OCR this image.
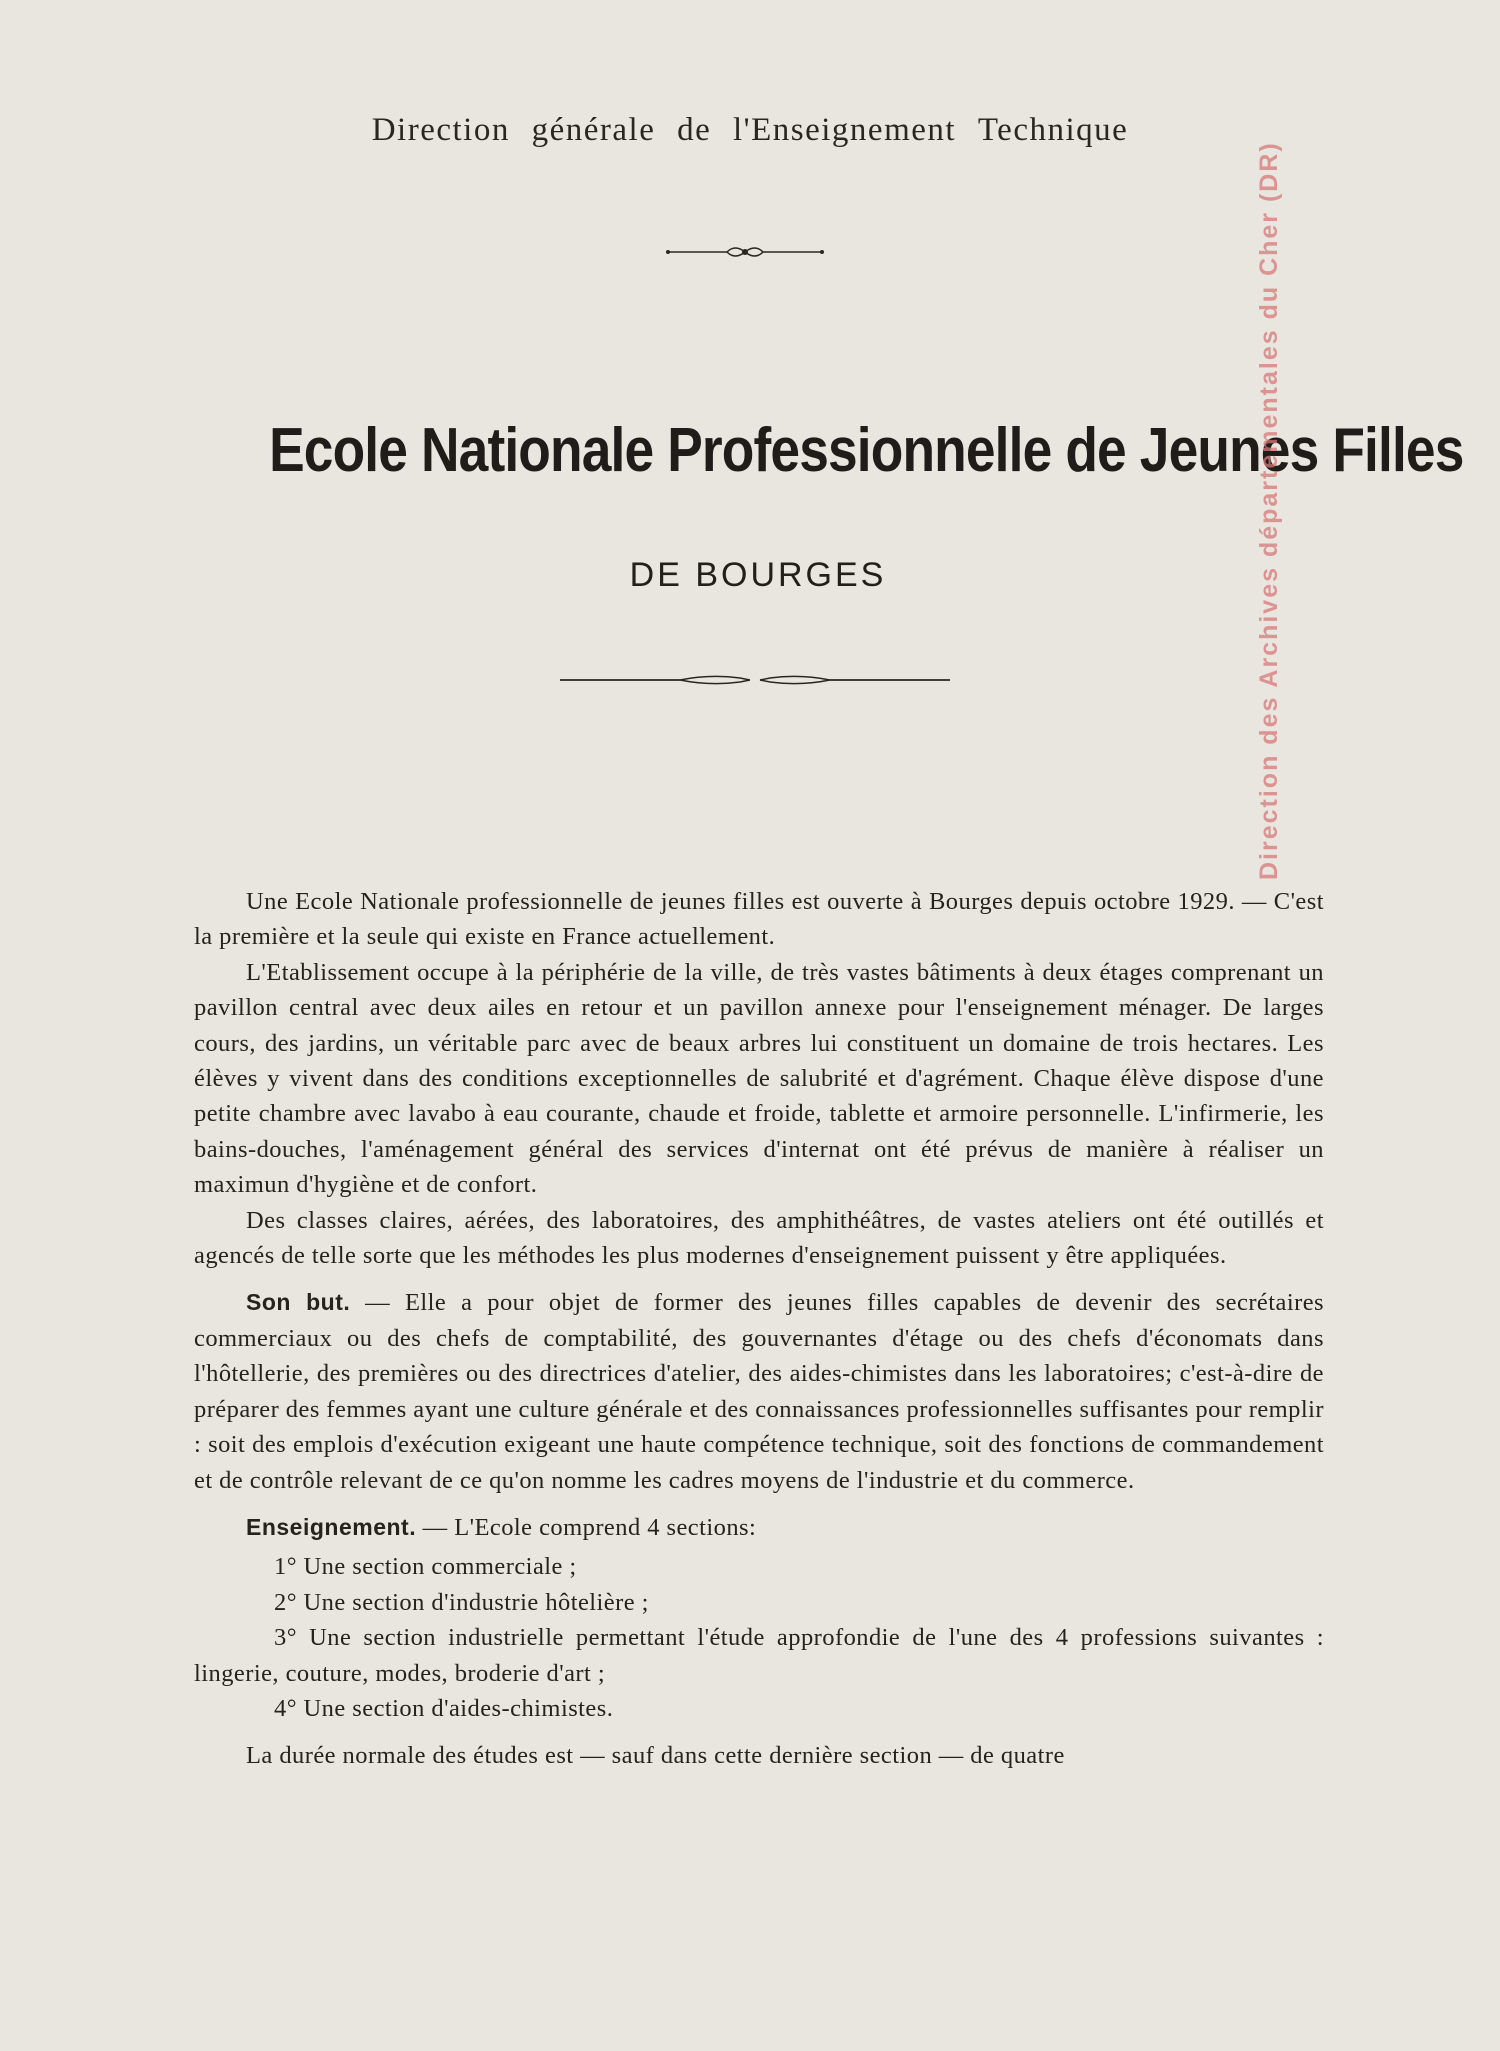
Direction générale de l'Enseignement Technique
Ecole Nationale Professionnelle de Jeunes Filles
DE BOURGES	Direction des Archives départementales du Cher (DR)

Une Ecole Nationale professionnelle de jeunes filles est ouverte à Bourges depuis octobre 1929. — C'est la première et la seule qui existe en France actuellement.

L'Etablissement occupe à la périphérie de la ville, de très vastes bâtiments à deux étages comprenant un pavillon central avec deux ailes en retour et un pavillon annexe pour l'enseignement ménager. De larges cours, des jardins, un véritable parc avec de beaux arbres lui constituent un domaine de trois hectares. Les élèves y vivent dans des conditions exceptionnelles de salubrité et d'agrément. Chaque élève dispose d'une petite chambre avec lavabo à eau courante, chaude et froide, tablette et armoire personnelle. L'infirmerie, les bains-douches, l'aménagement général des services d'internat ont été prévus de manière à réaliser un maximun d'hygiène et de confort.

Des classes claires, aérées, des laboratoires, des amphithéâtres, de vastes ateliers ont été outillés et agencés de telle sorte que les méthodes les plus modernes d'enseignement puissent y être appliquées.

Son but. — Elle a pour objet de former des jeunes filles capables de devenir des secrétaires commerciaux ou des chefs de comptabilité, des gouvernantes d'étage ou des chefs d'économats dans l'hôtellerie, des premières ou des directrices d'atelier, des aides-chimistes dans les laboratoires; c'est-à-dire de préparer des femmes ayant une culture générale et des connaissances professionnelles suffisantes pour remplir : soit des emplois d'exécution exigeant une haute compétence technique, soit des fonctions de commandement et de contrôle relevant de ce qu'on nomme les cadres moyens de l'industrie et du commerce.

Enseignement. — L'Ecole comprend 4 sections:

1° Une section commerciale ;

2° Une section d'industrie hôtelière ;

3° Une section industrielle permettant l'étude approfondie de l'une des 4 professions suivantes : lingerie, couture, modes, broderie d'art ;

4° Une section d'aides-chimistes.

La durée normale des études est — sauf dans cette dernière section — de quatre
